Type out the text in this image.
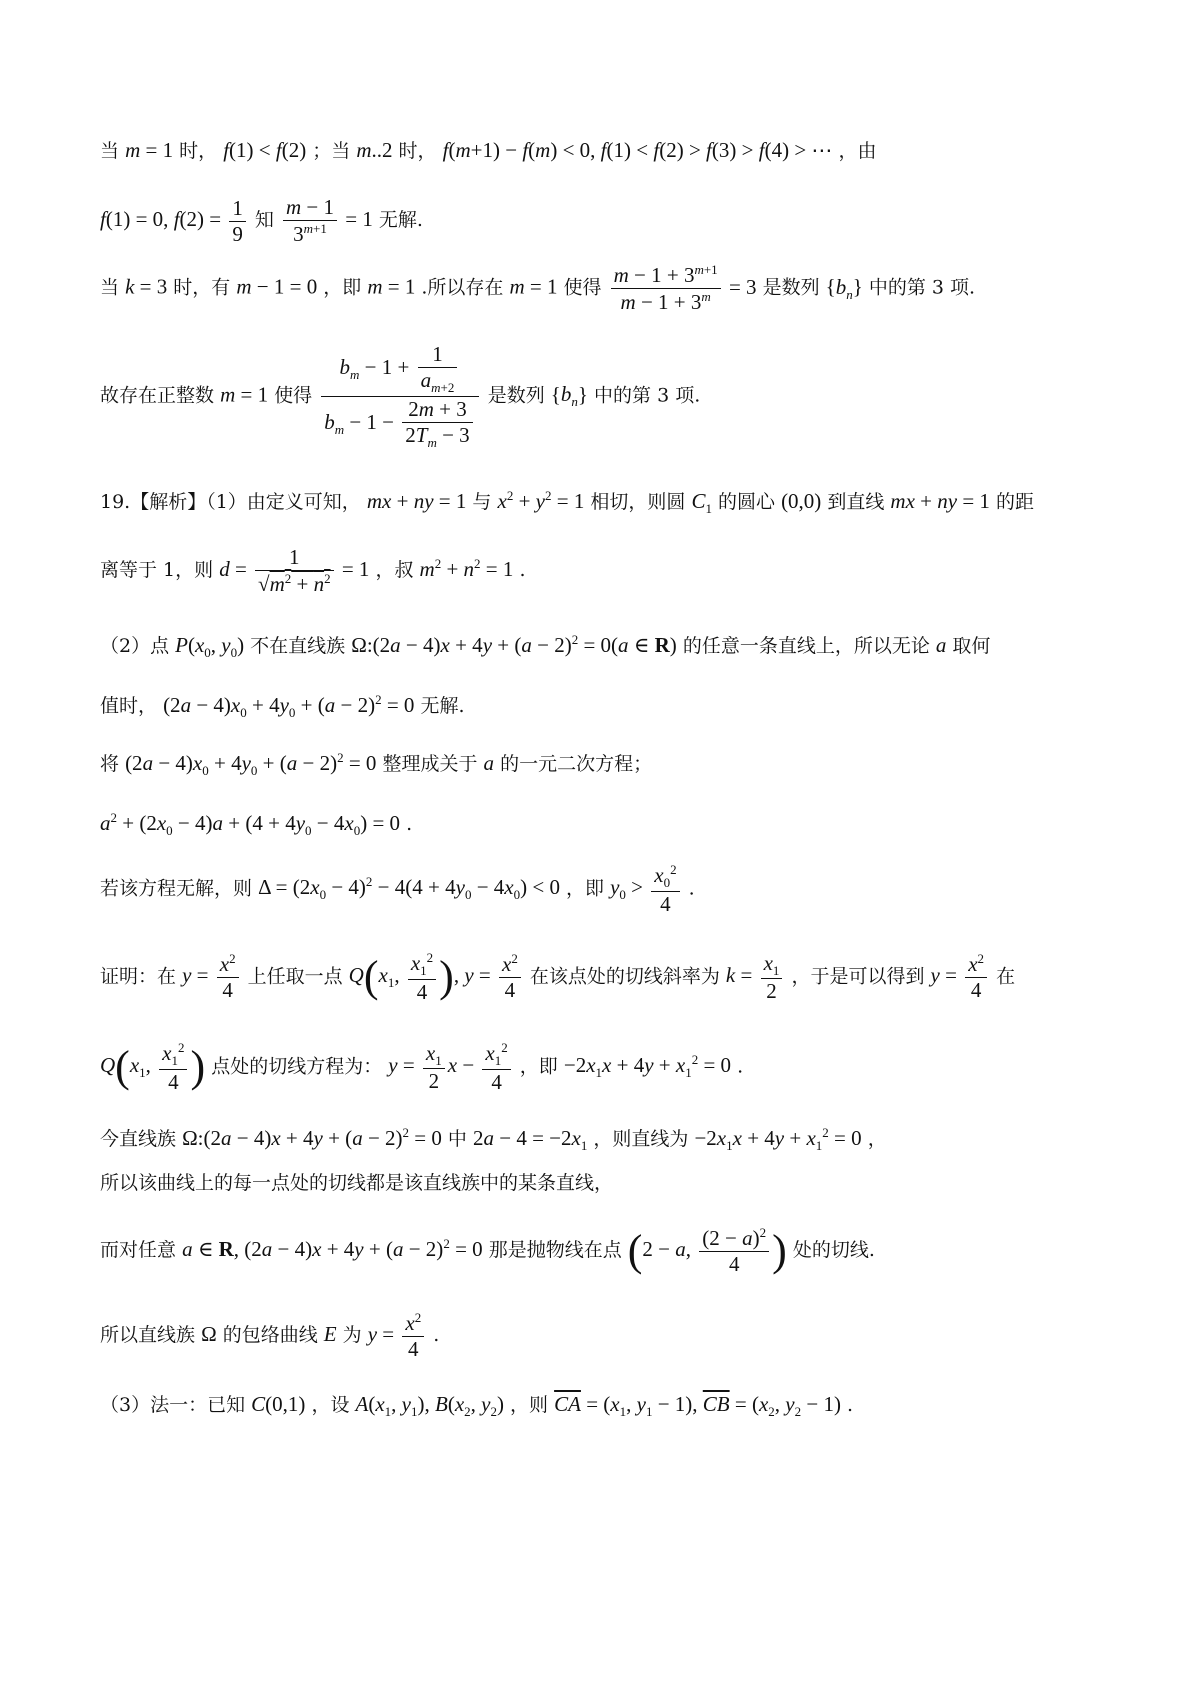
当 m = 1 时， f(1) < f(2) ；当 m..2 时， f(m+1) − f(m) < 0, f(1) < f(2) > f(3) > f(4) > ⋯ ，由
f(1) = 0, $f(2) = \frac{1}{9}$ 知 $\frac{m - 1}{3^{m+1}} = 1$ 无解.
当 k = 3 时，有 m − 1 = 0 ，即 m = 1 .所以存在 m = 1 使得 $\frac{m - 1 + 3^{m+1}}{m - 1 + 3^m} = 3$ 是数列 $\{b_n\}$ 中的第 3 项.
故存在正整数 m = 1 使得 $\frac{b_m - 1 + \frac{1}{a_{m+2}}}{b_m - 1 - \frac{2m + 3}{2T_m - 3}}$ 是数列 $\{b_n\}$ 中的第 3 项.
19.【解析】（1）由定义可知， mx + ny = 1 与 $x^2 + y^2 = 1$ 相切，则圆 $C_1$ 的圆心 (0,0) 到直线 mx + ny = 1 的距
离等于 1，则 $d = \frac{1}{√m^2 + n^2} = 1$ ，叔 $m^2 + n^2 = 1$ .
（2）点 $P(x_0$, $y_0$) 不在直线族 Ω:(2a − $4)x + 4y + (a - 2)^2 = 0(a$ ∈ R) 的任意一条直线上，所以无论 a 取何
值时， $(2a - 4)x_0 + 4y_0 + (a - 2)^2 = 0$ 无解.
将 $(2a - 4)x_0 + 4y_0 + (a - 2)^2 = 0$ 整理成关于 a 的一元二次方程；
$a^2 + (2x_0 - 4)a + (4 + 4y_0 - 4x_0) = 0$ .
若该方程无解，则 $\Delta = (2x_0 - 4)^2 - 4(4 + 4y_0 - 4x_0) < 0$ ，即 $y_0 > \frac{x_0^2}{4}$ .
证明：在 $y = \frac{x^2}{4}$ 上任取一点 $Q(x_1$, $\frac{x_1^2}{4}$ ), $y = \frac{x^2}{4}$ 在该点处的切线斜率为 $k = \frac{x_1}{2}$ ，于是可以得到 $y = \frac{x^2}{4}$ 在
$Q(x_1$, $\frac{x_1^2}{4}$ ) 点处的切线方程为： $y = \frac{x_1}{2}$ $x - \frac{x_1^2}{4}$ ，即 $-2x_1x + 4y + x_1^2 = 0$ .
今直线族 Ω:(2a − $4)x + 4y + (a - 2)^2 = 0$ 中 $2a - 4 = -2x_1$ ，则直线为 $-2x_1x + 4y + x_1^2 = 0$ ，
所以该曲线上的每一点处的切线都是该直线族中的某条直线，
而对任意 a ∈ R, $(2a - 4)x + 4y + (a - 2)^2 = 0$ 那是抛物线在点 (2 − a, $\frac{(2 - a)^2}{4}$ ) 处的切线.
所以直线族 Ω 的包络曲线 E 为 $y = \frac{x^2}{4}$ .
（3）法一：已知 C(0,1) ，设 $A(x_1$, $y_1$), $B(x_2$, $y_2$) ，则 $\overline{CA} = (x_1$, $y_1 - 1$), $\overline{CB} = (x_2$, $y_2 - 1$) .
